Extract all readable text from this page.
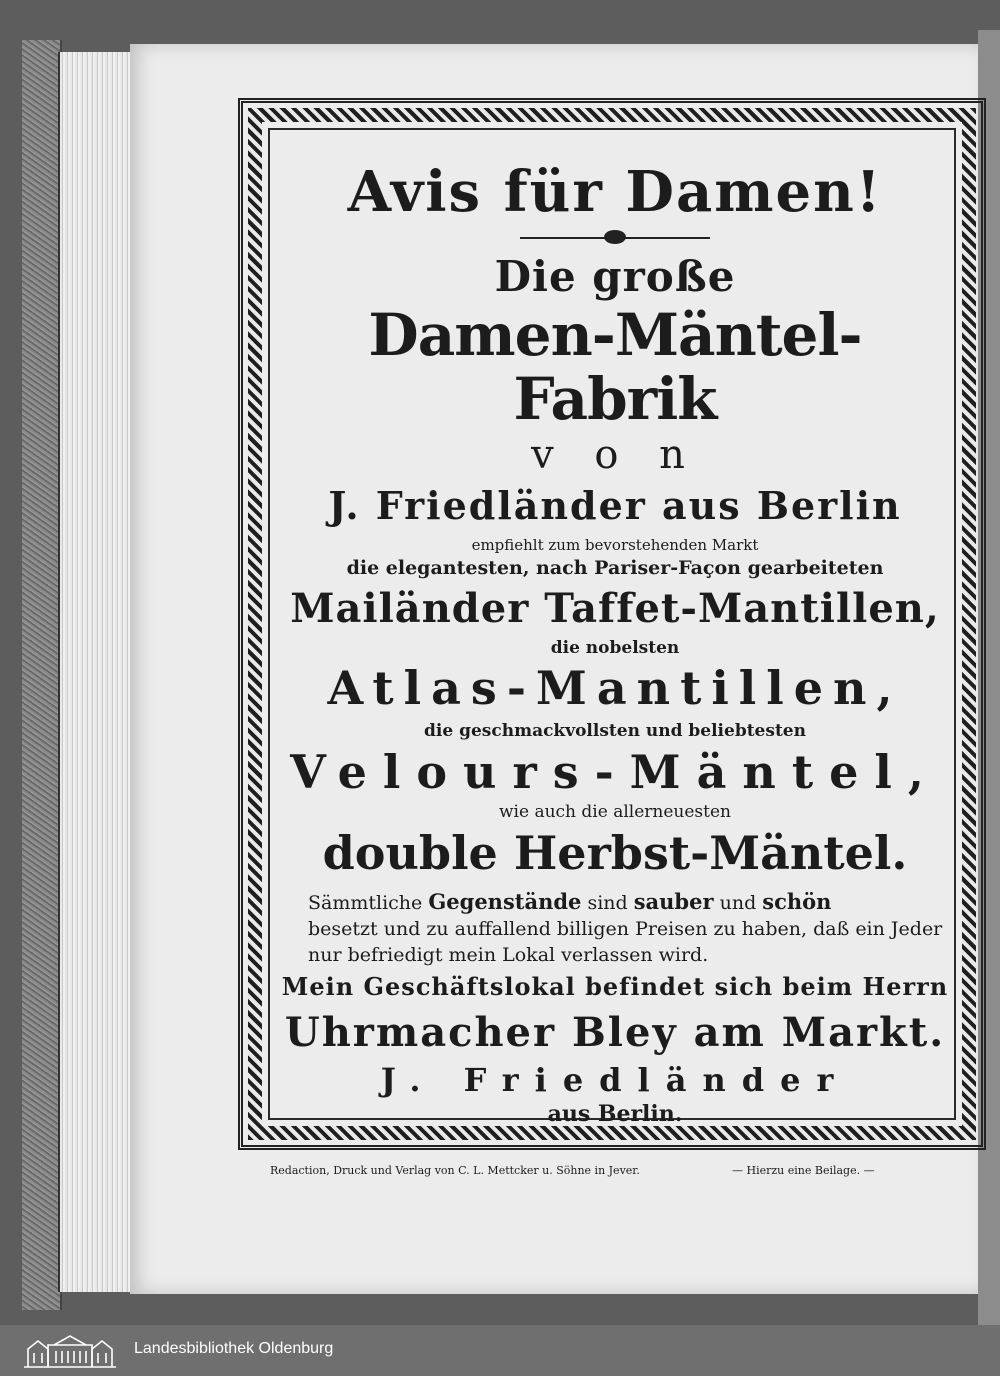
Avis für Damen!

Die große

Damen-Mäntel-Fabrik

v o n

J. Friedländer aus Berlin

empfiehlt zum bevorstehenden Markt

die elegantesten, nach Pariser-Façon gearbeiteten

Mailänder Taffet-Mantillen,

die nobelsten

Atlas-Mantillen,

die geschmackvollsten und beliebtesten

Velours-Mäntel,

wie auch die allerneuesten

double Herbst-Mäntel.

Sämmtliche Gegenstände sind sauber und schön
besetzt und zu auffallend billigen Preisen zu haben, daß ein Jeder
nur befriedigt mein Lokal verlassen wird.

Mein Geschäftslokal befindet sich beim Herrn

Uhrmacher Bley am Markt.

J. Friedländer

aus Berlin.

Redaction, Druck und Verlag von C. L. Mettcker u. Söhne in Jever.	— Hierzu eine Beilage. —
Landesbibliothek Oldenburg
